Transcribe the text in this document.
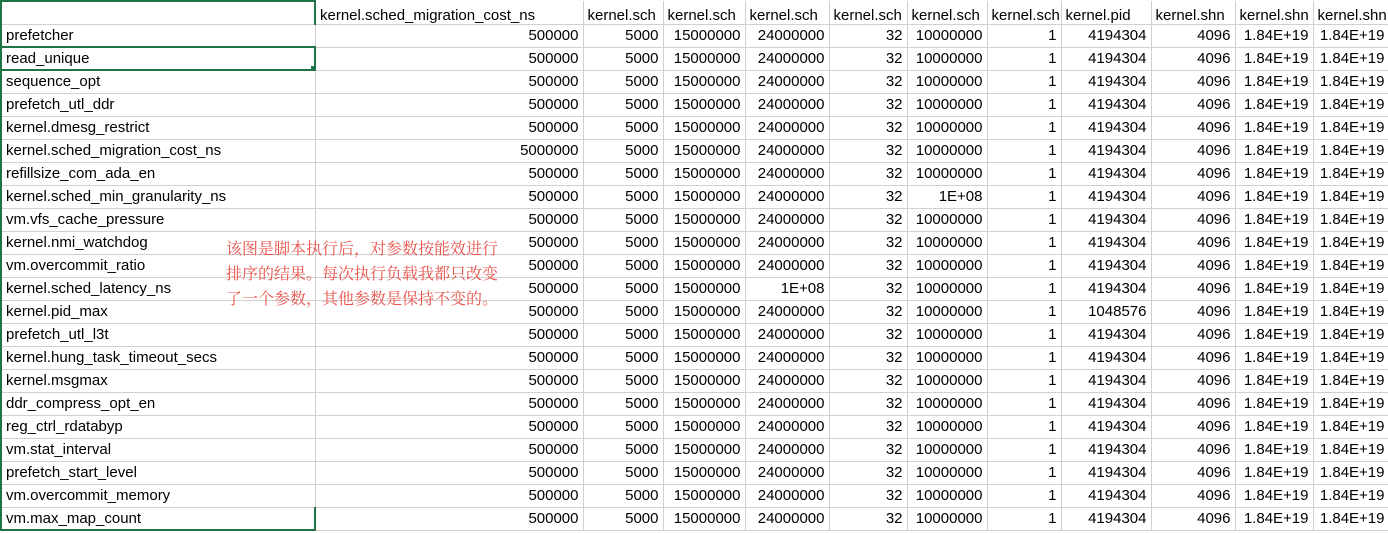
	kernel.sched_migration_cost_ns	kernel.sch	kernel.sch	kernel.sch	kernel.sch	kernel.sch	kernel.sch	kernel.pid	kernel.shn	kernel.shn	kernel.shn
prefetcher	500000	5000	15000000	24000000	32	10000000	1	4194304	4096	1.84E+19	1.84E+19
read_unique	500000	5000	15000000	24000000	32	10000000	1	4194304	4096	1.84E+19	1.84E+19
sequence_opt	500000	5000	15000000	24000000	32	10000000	1	4194304	4096	1.84E+19	1.84E+19
prefetch_utl_ddr	500000	5000	15000000	24000000	32	10000000	1	4194304	4096	1.84E+19	1.84E+19
kernel.dmesg_restrict	500000	5000	15000000	24000000	32	10000000	1	4194304	4096	1.84E+19	1.84E+19
kernel.sched_migration_cost_ns	5000000	5000	15000000	24000000	32	10000000	1	4194304	4096	1.84E+19	1.84E+19
refillsize_com_ada_en	500000	5000	15000000	24000000	32	10000000	1	4194304	4096	1.84E+19	1.84E+19
kernel.sched_min_granularity_ns	500000	5000	15000000	24000000	32	1E+08	1	4194304	4096	1.84E+19	1.84E+19
vm.vfs_cache_pressure	500000	5000	15000000	24000000	32	10000000	1	4194304	4096	1.84E+19	1.84E+19
kernel.nmi_watchdog	500000	5000	15000000	24000000	32	10000000	1	4194304	4096	1.84E+19	1.84E+19
vm.overcommit_ratio	500000	5000	15000000	24000000	32	10000000	1	4194304	4096	1.84E+19	1.84E+19
kernel.sched_latency_ns	500000	5000	15000000	1E+08	32	10000000	1	4194304	4096	1.84E+19	1.84E+19
kernel.pid_max	500000	5000	15000000	24000000	32	10000000	1	1048576	4096	1.84E+19	1.84E+19
prefetch_utl_l3t	500000	5000	15000000	24000000	32	10000000	1	4194304	4096	1.84E+19	1.84E+19
kernel.hung_task_timeout_secs	500000	5000	15000000	24000000	32	10000000	1	4194304	4096	1.84E+19	1.84E+19
kernel.msgmax	500000	5000	15000000	24000000	32	10000000	1	4194304	4096	1.84E+19	1.84E+19
ddr_compress_opt_en	500000	5000	15000000	24000000	32	10000000	1	4194304	4096	1.84E+19	1.84E+19
reg_ctrl_rdatabyp	500000	5000	15000000	24000000	32	10000000	1	4194304	4096	1.84E+19	1.84E+19
vm.stat_interval	500000	5000	15000000	24000000	32	10000000	1	4194304	4096	1.84E+19	1.84E+19
prefetch_start_level	500000	5000	15000000	24000000	32	10000000	1	4194304	4096	1.84E+19	1.84E+19
vm.overcommit_memory	500000	5000	15000000	24000000	32	10000000	1	4194304	4096	1.84E+19	1.84E+19
vm.max_map_count	500000	5000	15000000	24000000	32	10000000	1	4194304	4096	1.84E+19	1.84E+19
该图是脚本执行后，对参数按能效进行排序的结果。每次执行负载我都只改变了一个参数，其他参数是保持不变的。
